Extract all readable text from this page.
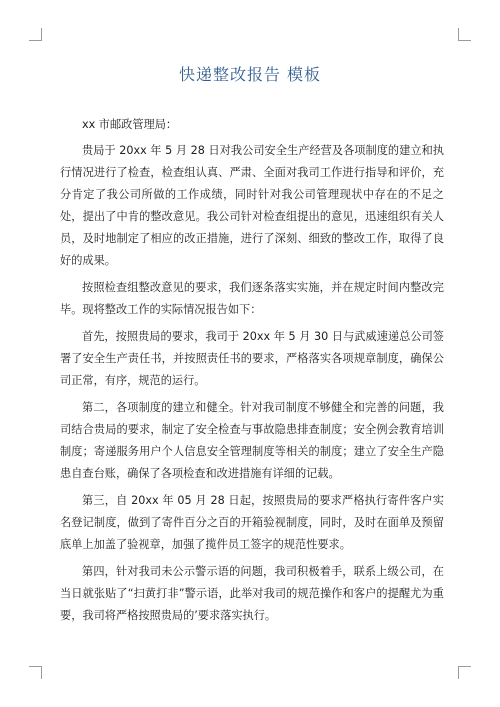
快递整改报告 模板

xx 市邮政管理局：

贵局于 20xx 年 5 月 28 日对我公司安全生产经营及各项制度的建立和执行情况进行了检查，检查组认真、严肃、全面对我司工作进行指导和评价，充分肯定了我公司所做的工作成绩，同时针对我公司管理现状中存在的不足之处，提出了中肯的整改意见。我公司针对检查组提出的意见，迅速组织有关人员，及时地制定了相应的改正措施，进行了深刻、细致的整改工作，取得了良好的成果。

按照检查组整改意见的要求，我们逐条落实实施，并在规定时间内整改完毕。现将整改工作的实际情况报告如下：

首先，按照贵局的要求，我司于 20xx 年 5 月 30 日与武威速递总公司签署了安全生产责任书，并按照责任书的要求，严格落实各项规章制度，确保公司正常，有序，规范的运行。

第二，各项制度的建立和健全。针对我司制度不够健全和完善的问题，我司结合贵局的要求，制定了安全检查与事故隐患排查制度；安全例会教育培训制度；寄递服务用户个人信息安全管理制度等相关的制度；建立了安全生产隐患自查台账，确保了各项检查和改进措施有详细的记载。

第三，自 20xx 年 05 月 28 日起，按照贵局的要求严格执行寄件客户实名登记制度，做到了寄件百分之百的开箱验视制度，同时，及时在面单及预留底单上加盖了验视章，加强了揽件员工签字的规范性要求。

第四，针对我司未公示警示语的问题，我司积极着手，联系上级公司，在当日就张贴了“扫黄打非”警示语，此举对我司的规范操作和客户的提醒尤为重要，我司将严格按照贵局的’要求落实执行。
